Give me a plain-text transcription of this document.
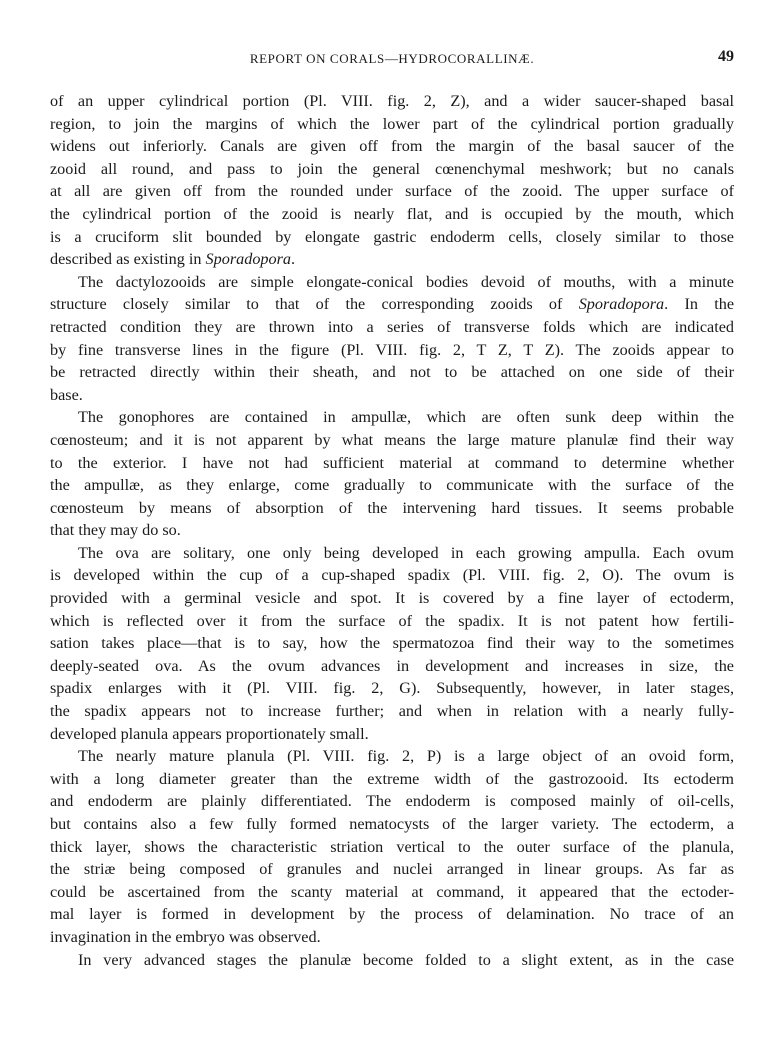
REPORT ON CORALS—HYDROCORALLINÆ.	49
of an upper cylindrical portion (Pl. VIII. fig. 2, Z), and a wider saucer-shaped basal
region, to join the margins of which the lower part of the cylindrical portion gradually
widens out inferiorly. Canals are given off from the margin of the basal saucer of the
zooid all round, and pass to join the general cœnenchymal meshwork; but no canals
at all are given off from the rounded under surface of the zooid. The upper surface of
the cylindrical portion of the zooid is nearly flat, and is occupied by the mouth, which
is a cruciform slit bounded by elongate gastric endoderm cells, closely similar to those
described as existing in Sporadopora.
The dactylozooids are simple elongate-conical bodies devoid of mouths, with a minute
structure closely similar to that of the corresponding zooids of Sporadopora. In the
retracted condition they are thrown into a series of transverse folds which are indicated
by fine transverse lines in the figure (Pl. VIII. fig. 2, T Z, T Z). The zooids appear to
be retracted directly within their sheath, and not to be attached on one side of their
base.
The gonophores are contained in ampullæ, which are often sunk deep within the
cœnosteum; and it is not apparent by what means the large mature planulæ find their way
to the exterior. I have not had sufficient material at command to determine whether
the ampullæ, as they enlarge, come gradually to communicate with the surface of the
cœnosteum by means of absorption of the intervening hard tissues. It seems probable
that they may do so.
The ova are solitary, one only being developed in each growing ampulla. Each ovum
is developed within the cup of a cup-shaped spadix (Pl. VIII. fig. 2, O). The ovum is
provided with a germinal vesicle and spot. It is covered by a fine layer of ectoderm,
which is reflected over it from the surface of the spadix. It is not patent how fertili-
sation takes place—that is to say, how the spermatozoa find their way to the sometimes
deeply-seated ova. As the ovum advances in development and increases in size, the
spadix enlarges with it (Pl. VIII. fig. 2, G). Subsequently, however, in later stages,
the spadix appears not to increase further; and when in relation with a nearly fully-
developed planula appears proportionately small.
The nearly mature planula (Pl. VIII. fig. 2, P) is a large object of an ovoid form,
with a long diameter greater than the extreme width of the gastrozooid. Its ectoderm
and endoderm are plainly differentiated. The endoderm is composed mainly of oil-cells,
but contains also a few fully formed nematocysts of the larger variety. The ectoderm, a
thick layer, shows the characteristic striation vertical to the outer surface of the planula,
the striæ being composed of granules and nuclei arranged in linear groups. As far as
could be ascertained from the scanty material at command, it appeared that the ectoder-
mal layer is formed in development by the process of delamination. No trace of an
invagination in the embryo was observed.
In very advanced stages the planulæ become folded to a slight extent, as in the case
